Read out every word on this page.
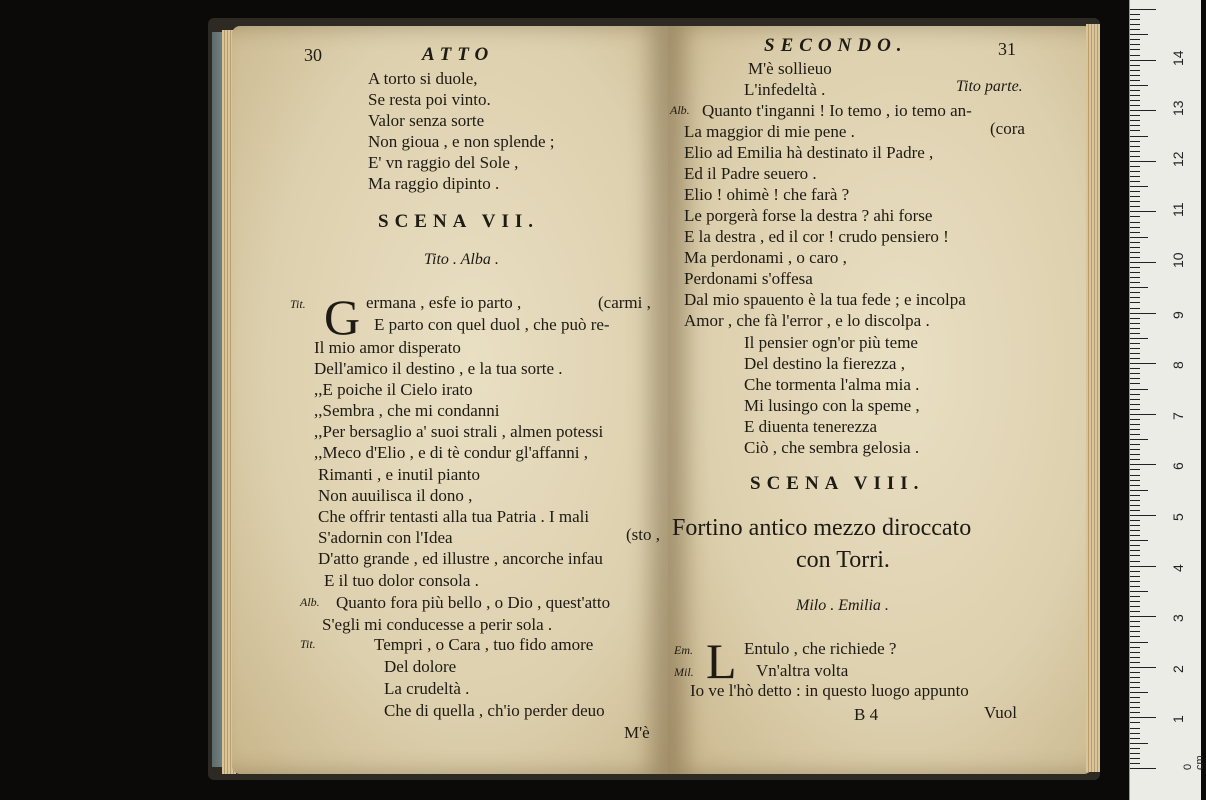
30	ATTO
A torto si duole,
Se resta poi vinto.
Valor senza sorte
Non gioua , e non splende ;
E' vn raggio del Sole ,
Ma raggio dipinto .
SCENA VII.
Tito . Alba .
Tit. G ermana , esfe io parto ,	(carmi ,
E parto con quel duol , che può re-
Il mio amor disperato
Dell'amico il destino , e la tua sorte .
,,E poiche il Cielo irato
,,Sembra , che mi condanni
,,Per bersaglio a' suoi strali , almen potessi
,,Meco d'Elio , e di tè condur gl'affanni ,
Rimanti , e inutil pianto
Non auuilisca il dono ,
Che offrir tentasti alla tua Patria . I mali
S'adornin con l'Idea	(sto ,
D'atto grande , ed illustre , ancorche infau
E il tuo dolor consola .
Alb. Quanto fora più bello , o Dio , quest'atto
S'egli mi conducesse a perir sola .
Tit.	Tempri , o Cara , tuo fido amore
Del dolore
La crudeltà .
Che di quella , ch'io perder deuo
M'è
SECONDO.	31
M'è sollieuo
L'infedeltà .	Tito parte.
Alb. Quanto t'inganni ! Io temo , io temo an-
La maggior di mie pene .	(cora
Elio ad Emilia hà destinato il Padre ,
Ed il Padre seuero .
Elio ! ohimè ! che farà ?
Le porgerà forse la destra ? ahi forse
E la destra , ed il cor ! crudo pensiero !
Ma perdonami , o caro ,
Perdonami s'offesa
Dal mio spauento è la tua fede ; e incolpa
Amor , che fà l'error , e lo discolpa .
Il pensier ogn'or più teme
Del destino la fierezza ,
Che tormenta l'alma mia .
Mi lusingo con la speme ,
E diuenta tenerezza
Ciò , che sembra gelosia .
SCENA VIII.
Fortino antico mezzo diroccato
con Torri.
Milo . Emilia .
Em.
Mil. L Entulo , che richiede ?
Vn'altra volta
Io ve l'hò detto : in questo luogo appunto
B 4	Vuol	1
2
3
4
5
6
7
8
9
10
11
12
13
14
0 cm
